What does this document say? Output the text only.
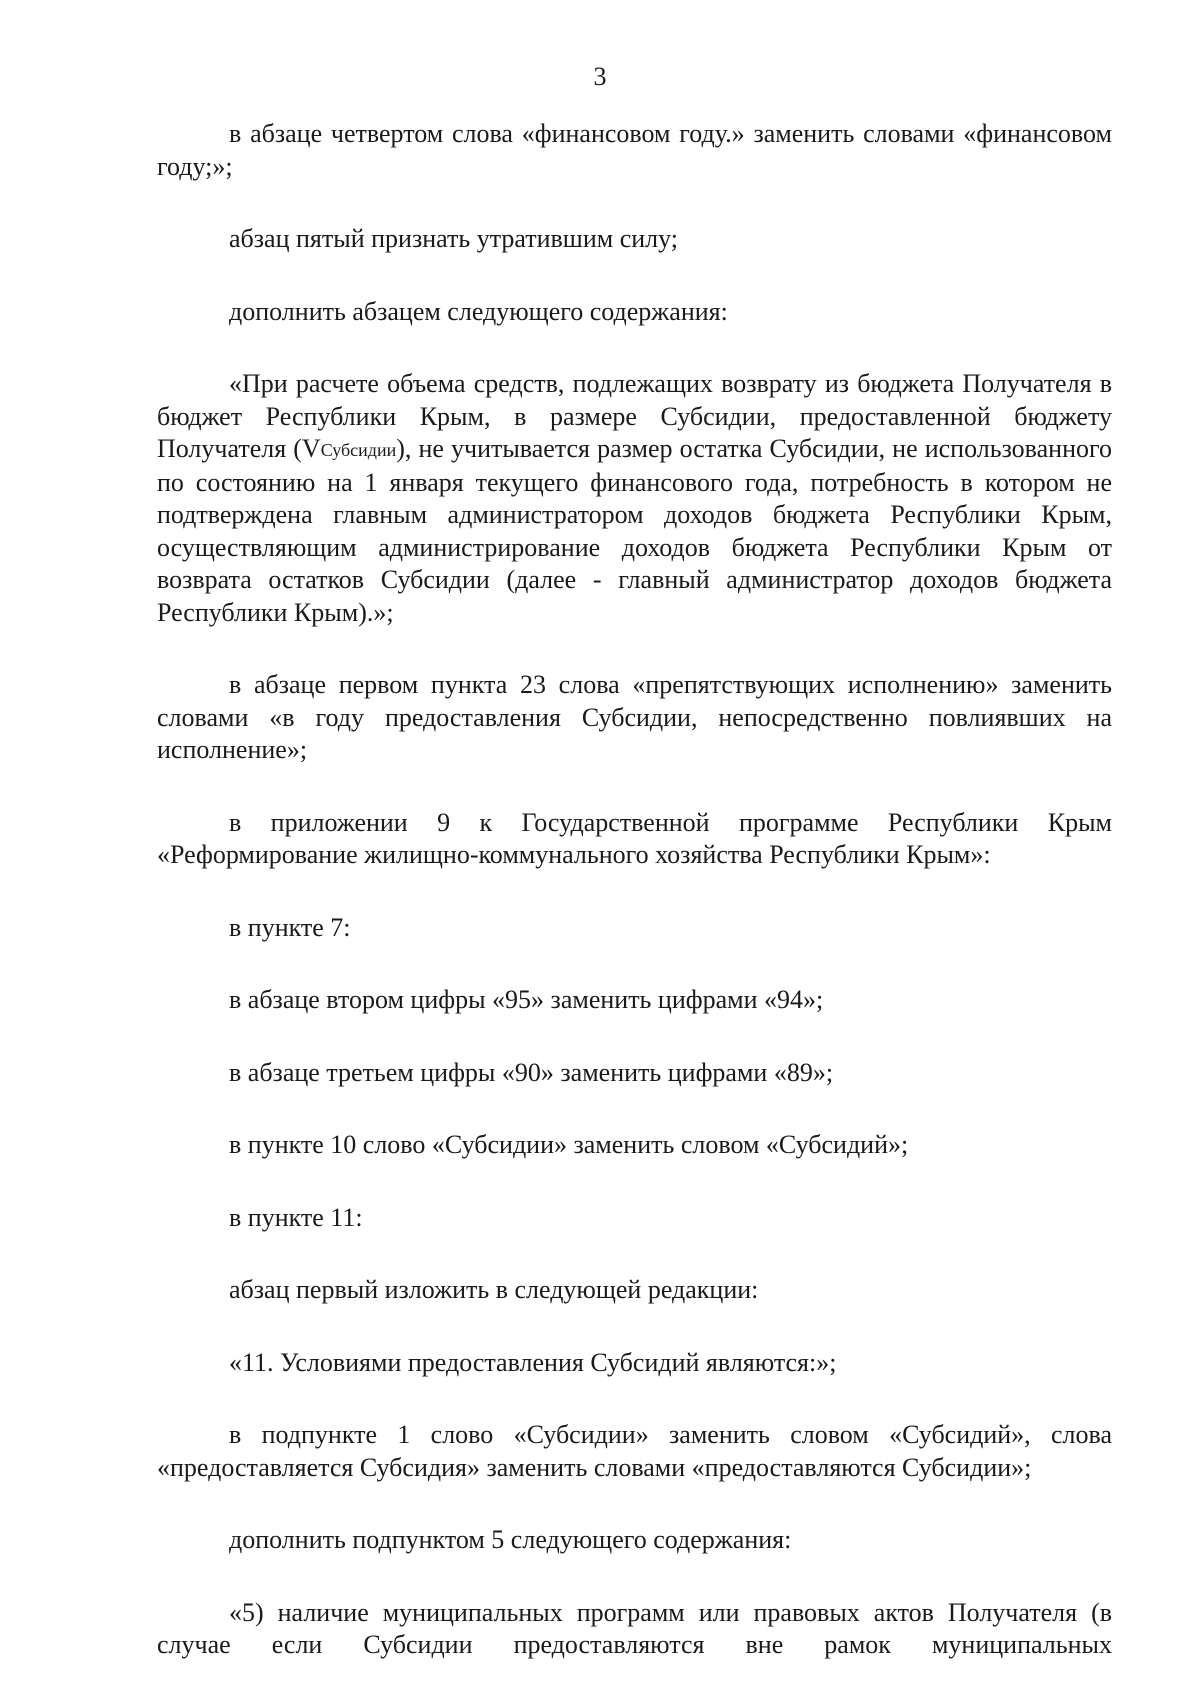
3

в абзаце четвертом слова «финансовом году.» заменить словами «финансовом году;»;

абзац пятый признать утратившим силу;

дополнить абзацем следующего содержания:

«При расчете объема средств, подлежащих возврату из бюджета Получателя в бюджет Республики Крым, в размере Субсидии, предоставленной бюджету Получателя (VСубсидии), не учитывается размер остатка Субсидии, не использованного по состоянию на 1 января текущего финансового года, потребность в котором не подтверждена главным администратором доходов бюджета Республики Крым, осуществляющим администрирование доходов бюджета Республики Крым от возврата остатков Субсидии (далее - главный администратор доходов бюджета Республики Крым).»;

в абзаце первом пункта 23 слова «препятствующих исполнению» заменить словами «в году предоставления Субсидии, непосредственно повлиявших на исполнение»;

в приложении 9 к Государственной программе Республики Крым «Реформирование жилищно-коммунального хозяйства Республики Крым»:

в пункте 7:

в абзаце втором цифры «95» заменить цифрами «94»;

в абзаце третьем цифры «90» заменить цифрами «89»;

в пункте 10 слово «Субсидии» заменить словом «Субсидий»;

в пункте 11:

абзац первый изложить в следующей редакции:

«11. Условиями предоставления Субсидий являются:»;

в подпункте 1 слово «Субсидии» заменить словом «Субсидий», слова «предоставляется Субсидия» заменить словами «предоставляются Субсидии»;

дополнить подпунктом 5 следующего содержания:

«5) наличие муниципальных программ или правовых актов Получателя (в случае если Субсидии предоставляются вне рамок муниципальных
